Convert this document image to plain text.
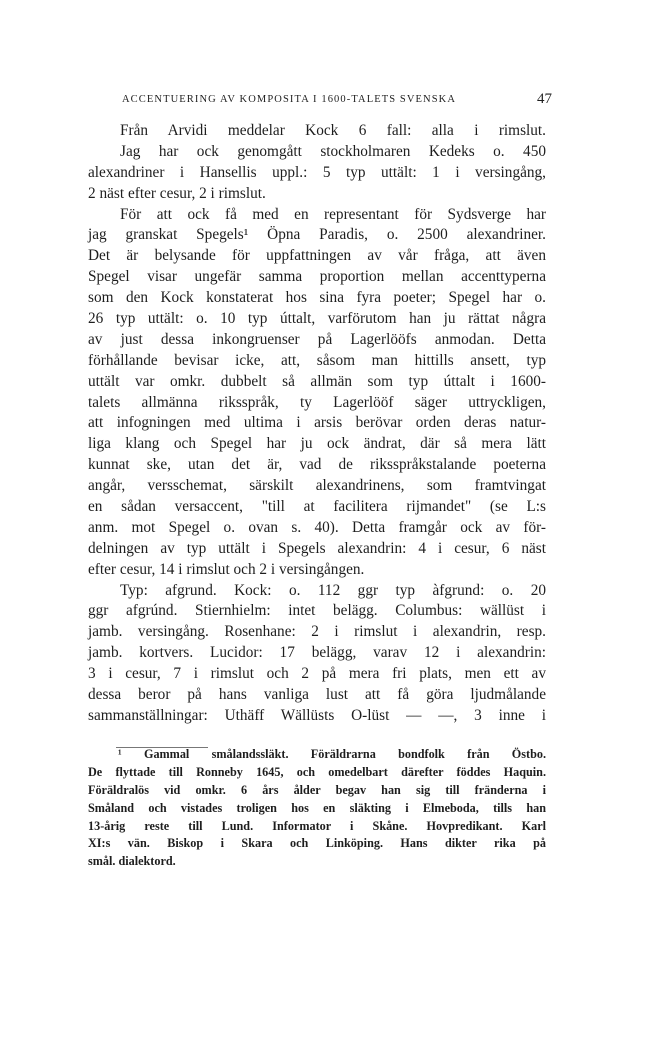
ACCENTUERING AV KOMPOSITA I 1600-TALETS SVENSKA	47
Från Arvidi meddelar Kock 6 fall: alla i rimslut.
Jag har ock genomgått stockholmaren Kedeks o. 450
alexandriner i Hansellis uppl.: 5 typ uttält: 1 i versingång,
2 näst efter cesur, 2 i rimslut.
För att ock få med en representant för Sydsverge har
jag granskat Spegels¹ Öpna Paradis, o. 2500 alexandriner.
Det är belysande för uppfattningen av vår fråga, att även
Spegel visar ungefär samma proportion mellan accenttyperna
som den Kock konstaterat hos sina fyra poeter; Spegel har o.
26 typ uttält: o. 10 typ úttalt, varförutom han ju rättat några
av just dessa inkongruenser på Lagerlööfs anmodan. Detta
förhållande bevisar icke, att, såsom man hittills ansett, typ
uttält var omkr. dubbelt så allmän som typ úttalt i 1600-
talets allmänna riksspråk, ty Lagerlööf säger uttryckligen,
att infogningen med ultima i arsis berövar orden deras natur-
liga klang och Spegel har ju ock ändrat, där så mera lätt
kunnat ske, utan det är, vad de riksspråkstalande poeterna
angår, versschemat, särskilt alexandrinens, som framtvingat
en sådan versaccent, "till at facilitera rijmandet" (se L:s
anm. mot Spegel o. ovan s. 40). Detta framgår ock av för-
delningen av typ uttält i Spegels alexandrin: 4 i cesur, 6 näst
efter cesur, 14 i rimslut och 2 i versingången.
Typ: afgrund. Kock: o. 112 ggr typ àfgrund: o. 20
ggr afgrúnd. Stiernhielm: intet belägg. Columbus: wällüst i
jamb. versingång. Rosenhane: 2 i rimslut i alexandrin, resp.
jamb. kortvers. Lucidor: 17 belägg, varav 12 i alexandrin:
3 i cesur, 7 i rimslut och 2 på mera fri plats, men ett av
dessa beror på hans vanliga lust att få göra ljudmålande
sammanställningar: Uthäff Wällüsts O-lüst — —, 3 inne i
¹ Gammal smålandssläkt. Föräldrarna bondfolk från Östbo.
De flyttade till Ronneby 1645, och omedelbart därefter föddes Haquin.
Föräldralös vid omkr. 6 års ålder begav han sig till fränderna i
Småland och vistades troligen hos en släkting i Elmeboda, tills han
13-årig reste till Lund. Informator i Skåne. Hovpredikant. Karl
XI:s vän. Biskop i Skara och Linköping. Hans dikter rika på
smål. dialektord.
